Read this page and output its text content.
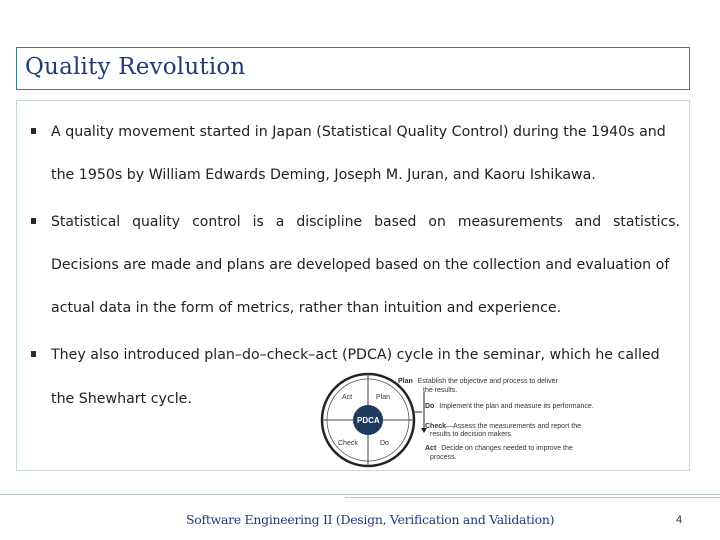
Quality Revolution
A quality movement started in Japan (Statistical Quality Control) during the 1940s and
the 1950s by William Edwards Deming, Joseph M. Juran, and Kaoru Ishikawa.
Statistical quality control is a discipline based on measurements and statistics.
Decisions are made and plans are developed based on the collection and evaluation of
actual data in the form of metrics, rather than intuition and experience.
They also introduced plan–do–check–act (PDCA) cycle in the seminar, which he called
the Shewhart cycle.
PDCA
Act	Plan
Check	Do
Plan Establish the objective and process to deliver
the results.
Do Implement the plan and measure its performance.
Check—Assess the measurements and report the
results to decision makers.
Act Decide on changes needed to improve the
process.
Software Engineering II (Design, Verification and Validation)	4
